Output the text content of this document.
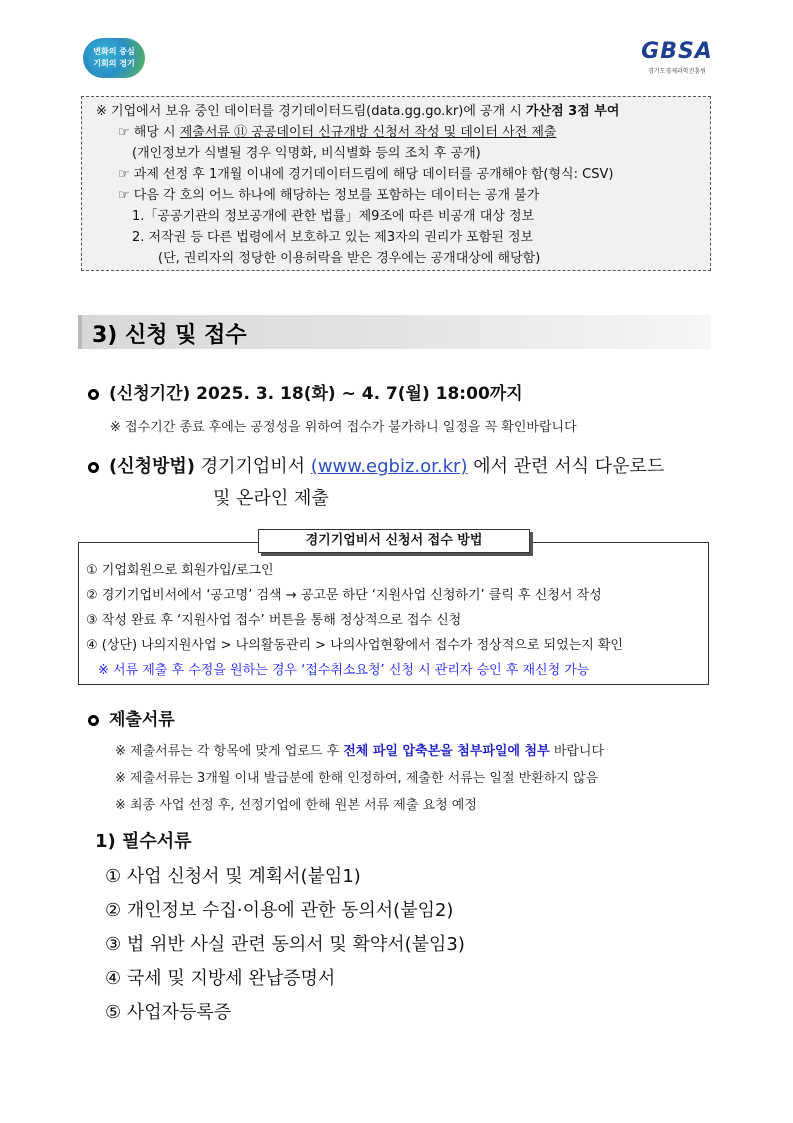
변화의 중심
기회의 경기	GBSA
경기도경제과학진흥원
※ 기업에서 보유 중인 데이터를 경기데이터드림(data.gg.go.kr)에 공개 시 가산점 3점 부여
☞ 해당 시 제출서류 ⑪ 공공데이터 신규개방 신청서 작성 및 데이터 사전 제출
(개인정보가 식별될 경우 익명화, 비식별화 등의 조치 후 공개)
☞ 과제 선정 후 1개월 이내에 경기데이터드림에 해당 데이터를 공개해야 함(형식: CSV)
☞ 다음 각 호의 어느 하나에 해당하는 정보를 포함하는 데이터는 공개 불가
1.「공공기관의 정보공개에 관한 법률」제9조에 따른 비공개 대상 정보
2. 저작권 등 다른 법령에서 보호하고 있는 제3자의 권리가 포함된 정보
(단, 권리자의 정당한 이용허락을 받은 경우에는 공개대상에 해당함)
3) 신청 및 접수
(신청기간) 2025. 3. 18(화) ~ 4. 7(월) 18:00까지
※ 접수기간 종료 후에는 공정성을 위하여 접수가 불가하니 일정을 꼭 확인바랍니다
(신청방법) 경기기업비서 (www.egbiz.or.kr) 에서 관련 서식 다운로드
및 온라인 제출
경기기업비서 신청서 접수 방법
① 기업회원으로 회원가입/로그인
② 경기기업비서에서 ‘공고명’ 검색 → 공고문 하단 ‘지원사업 신청하기’ 클릭 후 신청서 작성
③ 작성 완료 후 ‘지원사업 접수’ 버튼을 통해 정상적으로 접수 신청
④ (상단) 나의지원사업 > 나의활동관리 > 나의사업현황에서 접수가 정상적으로 되었는지 확인
※ 서류 제출 후 수정을 원하는 경우 ‘접수취소요청’ 신청 시 관리자 승인 후 재신청 가능
제출서류
※ 제출서류는 각 항목에 맞게 업로드 후 전체 파일 압축본을 첨부파일에 첨부 바랍니다
※ 제출서류는 3개월 이내 발급분에 한해 인정하여, 제출한 서류는 일절 반환하지 않음
※ 최종 사업 선정 후, 선정기업에 한해 원본 서류 제출 요청 예정
1) 필수서류
① 사업 신청서 및 계획서(붙임1)
② 개인정보 수집·이용에 관한 동의서(붙임2)
③ 법 위반 사실 관련 동의서 및 확약서(붙임3)
④ 국세 및 지방세 완납증명서
⑤ 사업자등록증
